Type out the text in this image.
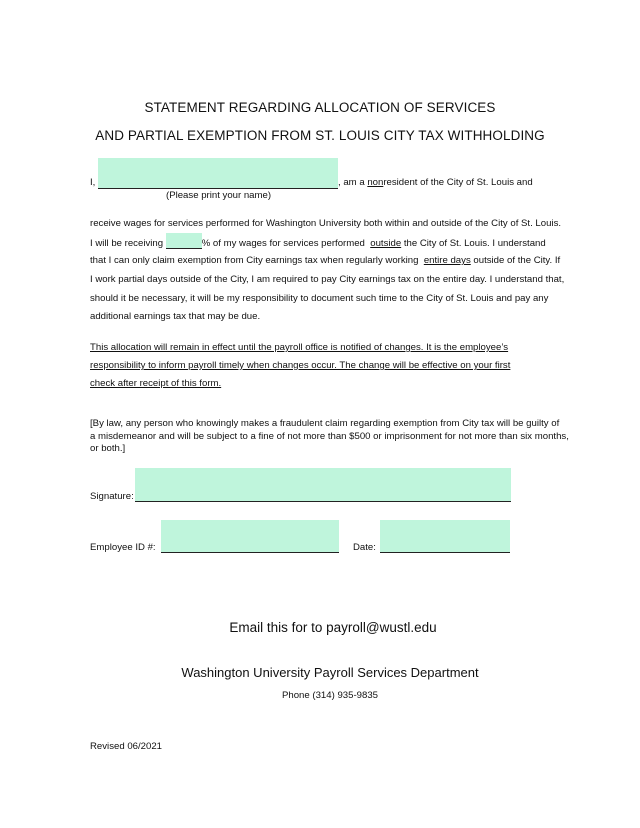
STATEMENT REGARDING ALLOCATION OF SERVICES
AND PARTIAL EXEMPTION FROM ST. LOUIS CITY TAX WITHHOLDING
I,	, am a nonresident of the City of St. Louis and
(Please print your name)
receive wages for services performed for Washington University both within and outside of the City of St. Louis.
I will be receiving	% of my wages for services performed outside the City of St. Louis. I understand
that I can only claim exemption from City earnings tax when regularly working entire days outside of the City. If
I work partial days outside of the City, I am required to pay City earnings tax on the entire day. I understand that,
should it be necessary, it will be my responsibility to document such time to the City of St. Louis and pay any
additional earnings tax that may be due.
This allocation will remain in effect until the payroll office is notified of changes. It is the employee’s
responsibility to inform payroll timely when changes occur. The change will be effective on your first
check after receipt of this form.
[By law, any person who knowingly makes a fraudulent claim regarding exemption from City tax will be guilty of
a misdemeanor and will be subject to a fine of not more than $500 or imprisonment for not more than six months,
or both.]
Signature:
Employee ID #:	Date:
Email this for to payroll@wustl.edu
Washington University Payroll Services Department
Phone (314) 935-9835
Revised 06/2021
